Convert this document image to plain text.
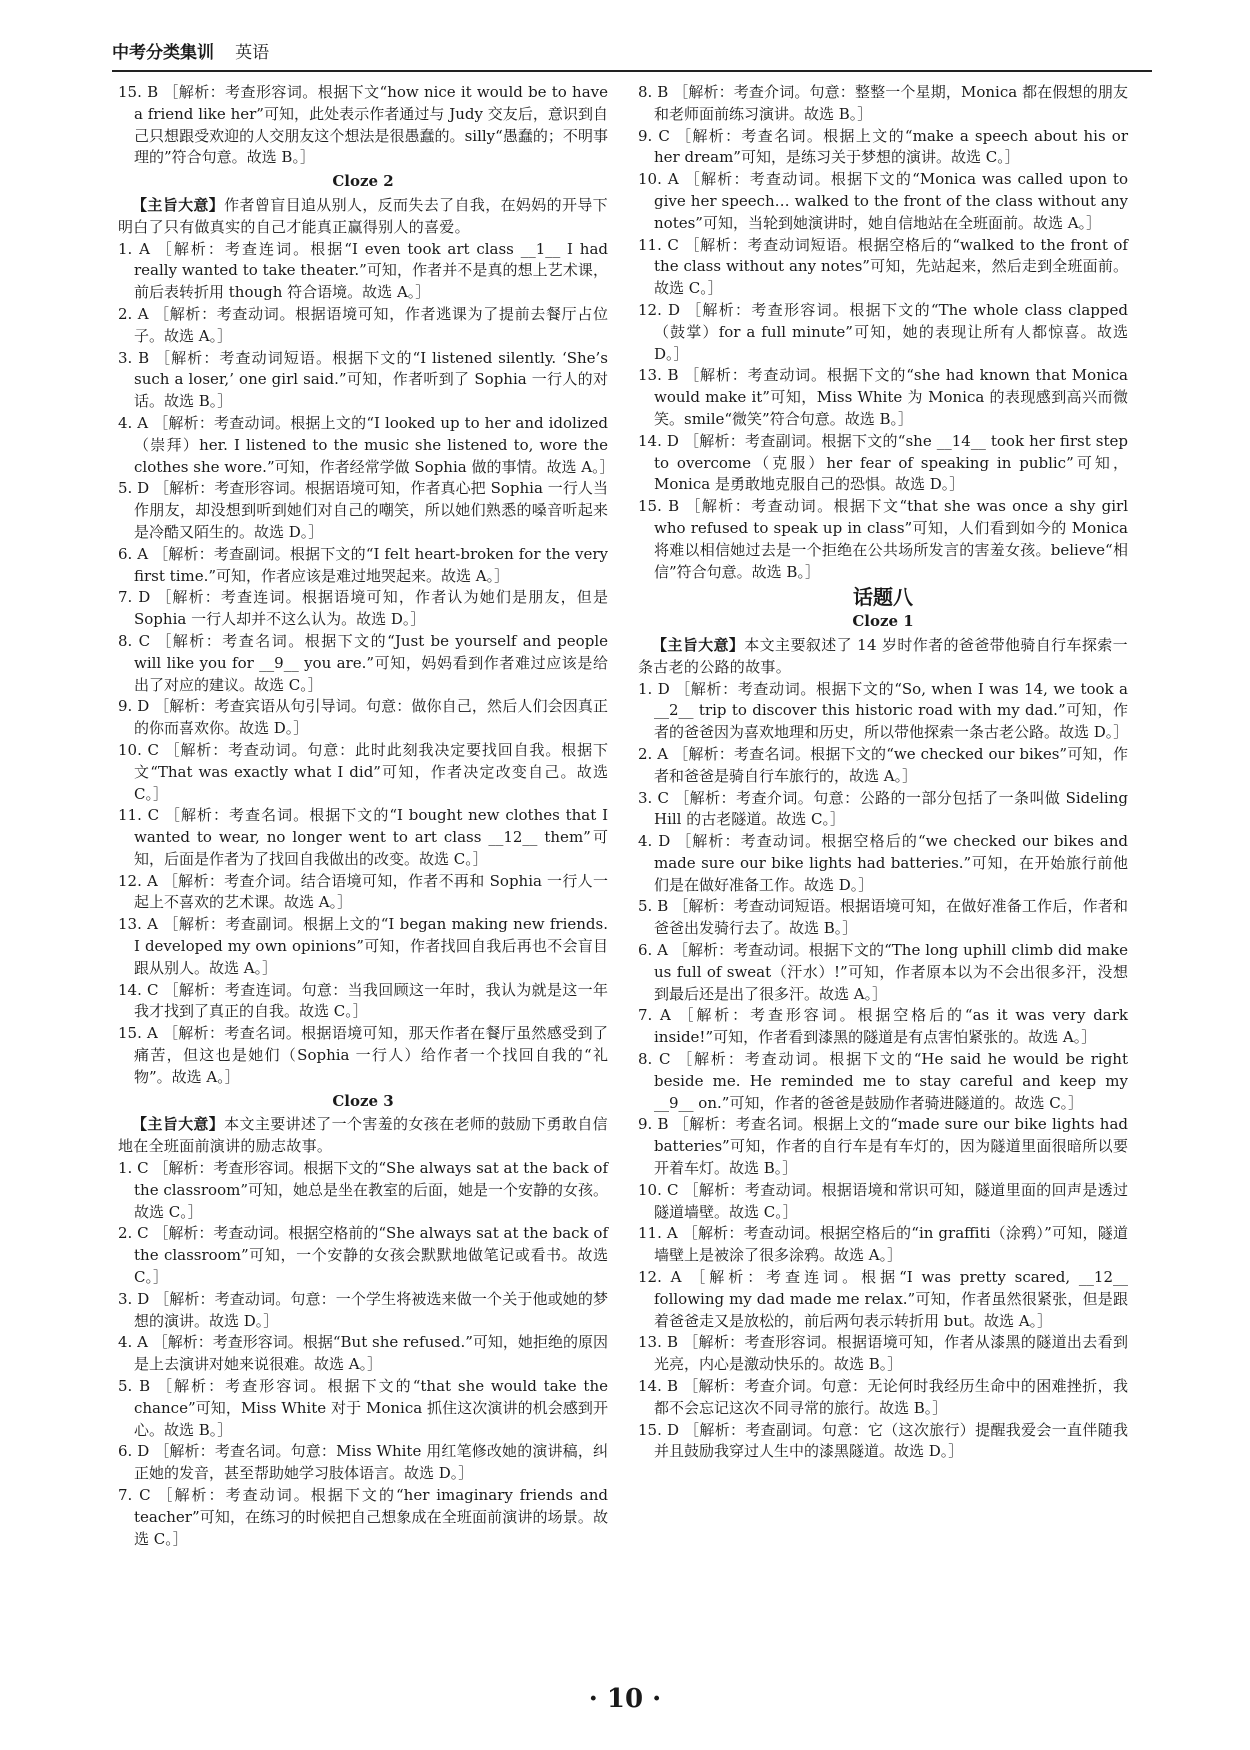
中考分类集训 英语

15. B ［解析：考查形容词。根据下文“how nice it would be to have a friend like her”可知，此处表示作者通过与 Judy 交友后，意识到自己只想跟受欢迎的人交朋友这个想法是很愚蠢的。silly“愚蠢的；不明事理的”符合句意。故选 B。］

Cloze 2

【主旨大意】作者曾盲目追从别人，反而失去了自我，在妈妈的开导下明白了只有做真实的自己才能真正赢得别人的喜爱。

1. A ［解析：考查连词。根据“I even took art class __1__ I had really wanted to take theater.”可知，作者并不是真的想上艺术课，前后表转折用 though 符合语境。故选 A。］

2. A ［解析：考查动词。根据语境可知，作者逃课为了提前去餐厅占位子。故选 A。］

3. B ［解析：考查动词短语。根据下文的“I listened silently. ‘She’s such a loser,’ one girl said.”可知，作者听到了 Sophia 一行人的对话。故选 B。］

4. A ［解析：考查动词。根据上文的“I looked up to her and idolized（崇拜）her. I listened to the music she listened to, wore the clothes she wore.”可知，作者经常学做 Sophia 做的事情。故选 A。］

5. D ［解析：考查形容词。根据语境可知，作者真心把 Sophia 一行人当作朋友，却没想到听到她们对自己的嘲笑，所以她们熟悉的嗓音听起来是冷酷又陌生的。故选 D。］

6. A ［解析：考查副词。根据下文的“I felt heart-broken for the very first time.”可知，作者应该是难过地哭起来。故选 A。］

7. D ［解析：考查连词。根据语境可知，作者认为她们是朋友，但是 Sophia 一行人却并不这么认为。故选 D。］

8. C ［解析：考查名词。根据下文的“Just be yourself and people will like you for __9__ you are.”可知，妈妈看到作者难过应该是给出了对应的建议。故选 C。］

9. D ［解析：考查宾语从句引导词。句意：做你自己，然后人们会因真正的你而喜欢你。故选 D。］

10. C ［解析：考查动词。句意：此时此刻我决定要找回自我。根据下文“That was exactly what I did”可知，作者决定改变自己。故选 C。］

11. C ［解析：考查名词。根据下文的“I bought new clothes that I wanted to wear, no longer went to art class __12__ them”可知，后面是作者为了找回自我做出的改变。故选 C。］

12. A ［解析：考查介词。结合语境可知，作者不再和 Sophia 一行人一起上不喜欢的艺术课。故选 A。］

13. A ［解析：考查副词。根据上文的“I began making new friends. I developed my own opinions”可知，作者找回自我后再也不会盲目跟从别人。故选 A。］

14. C ［解析：考查连词。句意：当我回顾这一年时，我认为就是这一年我才找到了真正的自我。故选 C。］

15. A ［解析：考查名词。根据语境可知，那天作者在餐厅虽然感受到了痛苦，但这也是她们（Sophia 一行人）给作者一个找回自我的“礼物”。故选 A。］

Cloze 3

【主旨大意】本文主要讲述了一个害羞的女孩在老师的鼓励下勇敢自信地在全班面前演讲的励志故事。

1. C ［解析：考查形容词。根据下文的“She always sat at the back of the classroom”可知，她总是坐在教室的后面，她是一个安静的女孩。故选 C。］

2. C ［解析：考查动词。根据空格前的“She always sat at the back of the classroom”可知，一个安静的女孩会默默地做笔记或看书。故选 C。］

3. D ［解析：考查动词。句意：一个学生将被选来做一个关于他或她的梦想的演讲。故选 D。］

4. A ［解析：考查形容词。根据“But she refused.”可知，她拒绝的原因是上去演讲对她来说很难。故选 A。］

5. B ［解析：考查形容词。根据下文的“that she would take the chance”可知，Miss White 对于 Monica 抓住这次演讲的机会感到开心。故选 B。］

6. D ［解析：考查名词。句意：Miss White 用红笔修改她的演讲稿，纠正她的发音，甚至帮助她学习肢体语言。故选 D。］

7. C ［解析：考查动词。根据下文的“her imaginary friends and teacher”可知，在练习的时候把自己想象成在全班面前演讲的场景。故选 C。］

8. B ［解析：考查介词。句意：整整一个星期，Monica 都在假想的朋友和老师面前练习演讲。故选 B。］

9. C ［解析：考查名词。根据上文的“make a speech about his or her dream”可知，是练习关于梦想的演讲。故选 C。］

10. A ［解析：考查动词。根据下文的“Monica was called upon to give her speech… walked to the front of the class without any notes”可知，当轮到她演讲时，她自信地站在全班面前。故选 A。］

11. C ［解析：考查动词短语。根据空格后的“walked to the front of the class without any notes”可知，先站起来，然后走到全班面前。故选 C。］

12. D ［解析：考查形容词。根据下文的“The whole class clapped（鼓掌）for a full minute”可知，她的表现让所有人都惊喜。故选 D。］

13. B ［解析：考查动词。根据下文的“she had known that Monica would make it”可知，Miss White 为 Monica 的表现感到高兴而微笑。smile“微笑”符合句意。故选 B。］

14. D ［解析：考查副词。根据下文的“she __14__ took her first step to overcome（克服）her fear of speaking in public”可知，Monica 是勇敢地克服自己的恐惧。故选 D。］

15. B ［解析：考查动词。根据下文“that she was once a shy girl who refused to speak up in class”可知，人们看到如今的 Monica 将难以相信她过去是一个拒绝在公共场所发言的害羞女孩。believe“相信”符合句意。故选 B。］

话题八
Cloze 1

【主旨大意】本文主要叙述了 14 岁时作者的爸爸带他骑自行车探索一条古老的公路的故事。

1. D ［解析：考查动词。根据下文的“So, when I was 14, we took a __2__ trip to discover this historic road with my dad.”可知，作者的爸爸因为喜欢地理和历史，所以带他探索一条古老公路。故选 D。］

2. A ［解析：考查名词。根据下文的“we checked our bikes”可知，作者和爸爸是骑自行车旅行的，故选 A。］

3. C ［解析：考查介词。句意：公路的一部分包括了一条叫做 Sideling Hill 的古老隧道。故选 C。］

4. D ［解析：考查动词。根据空格后的“we checked our bikes and made sure our bike lights had batteries.”可知，在开始旅行前他们是在做好准备工作。故选 D。］

5. B ［解析：考查动词短语。根据语境可知，在做好准备工作后，作者和爸爸出发骑行去了。故选 B。］

6. A ［解析：考查动词。根据下文的“The long uphill climb did make us full of sweat（汗水）!”可知，作者原本以为不会出很多汗，没想到最后还是出了很多汗。故选 A。］

7. A ［解析：考查形容词。根据空格后的“as it was very dark inside!”可知，作者看到漆黑的隧道是有点害怕紧张的。故选 A。］

8. C ［解析：考查动词。根据下文的“He said he would be right beside me. He reminded me to stay careful and keep my __9__ on.”可知，作者的爸爸是鼓励作者骑进隧道的。故选 C。］

9. B ［解析：考查名词。根据上文的“made sure our bike lights had batteries”可知，作者的自行车是有车灯的，因为隧道里面很暗所以要开着车灯。故选 B。］

10. C ［解析：考查动词。根据语境和常识可知，隧道里面的回声是透过隧道墙壁。故选 C。］

11. A ［解析：考查动词。根据空格后的“in graffiti（涂鸦）”可知，隧道墙壁上是被涂了很多涂鸦。故选 A。］

12. A ［解析：考查连词。根据“I was pretty scared, __12__ following my dad made me relax.”可知，作者虽然很紧张，但是跟着爸爸走又是放松的，前后两句表示转折用 but。故选 A。］

13. B ［解析：考查形容词。根据语境可知，作者从漆黑的隧道出去看到光亮，内心是激动快乐的。故选 B。］

14. B ［解析：考查介词。句意：无论何时我经历生命中的困难挫折，我都不会忘记这次不同寻常的旅行。故选 B。］

15. D ［解析：考查副词。句意：它（这次旅行）提醒我爱会一直伴随我并且鼓励我穿过人生中的漆黑隧道。故选 D。］

· 10 ·
